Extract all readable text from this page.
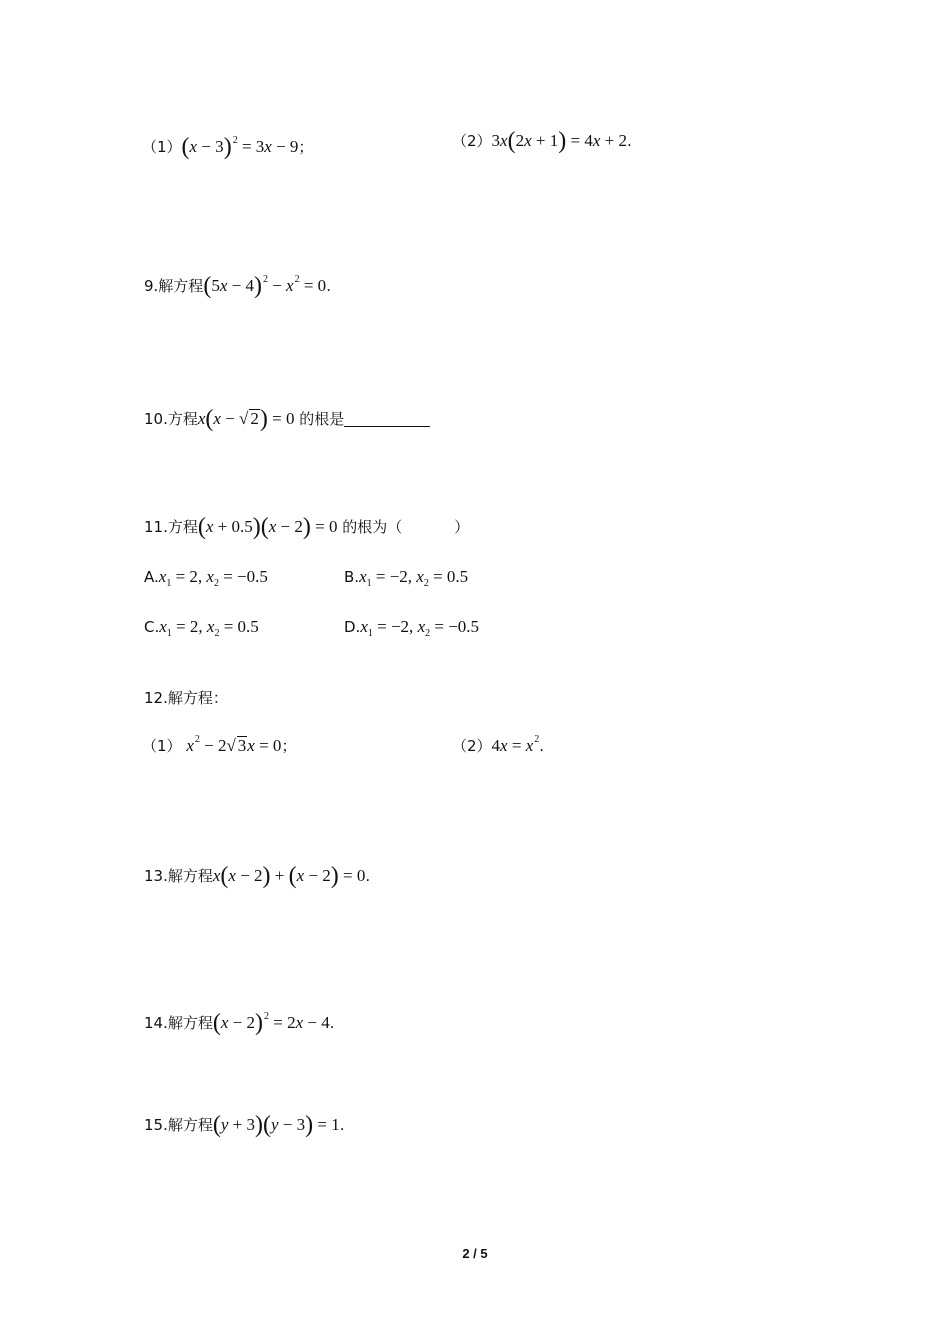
$(1)(x - 3)^2 = 3x - 9$；	（2）3x(2x + 1) = 4x + 2.
9.解方程$(5x - 4)^2 - x^2 = 0$.
10.方程x(x − √ 2) = 0 的根是
11.方程(x + 0.5)(x − 2) = 0 的根为（	）
$A.x_1 = 2$, $x_2 = -0.5$	$B.x_1 = -2$, $x_2 = 0.5$
$C.x_1 = 2$, $x_2 = 0.5$	$D.x_1 = -2$, $x_2 = -0.5$
12.解方程：
（1） $x^2 - 2√$ 3x = 0；	$(2)4x = x^2$.
13.解方程x(x − 2) + (x − 2) = 0.
14.解方程$(x - 2)^2 = 2x - 4$.
15.解方程(y + 3)(y − 3) = 1.
2 / 5
